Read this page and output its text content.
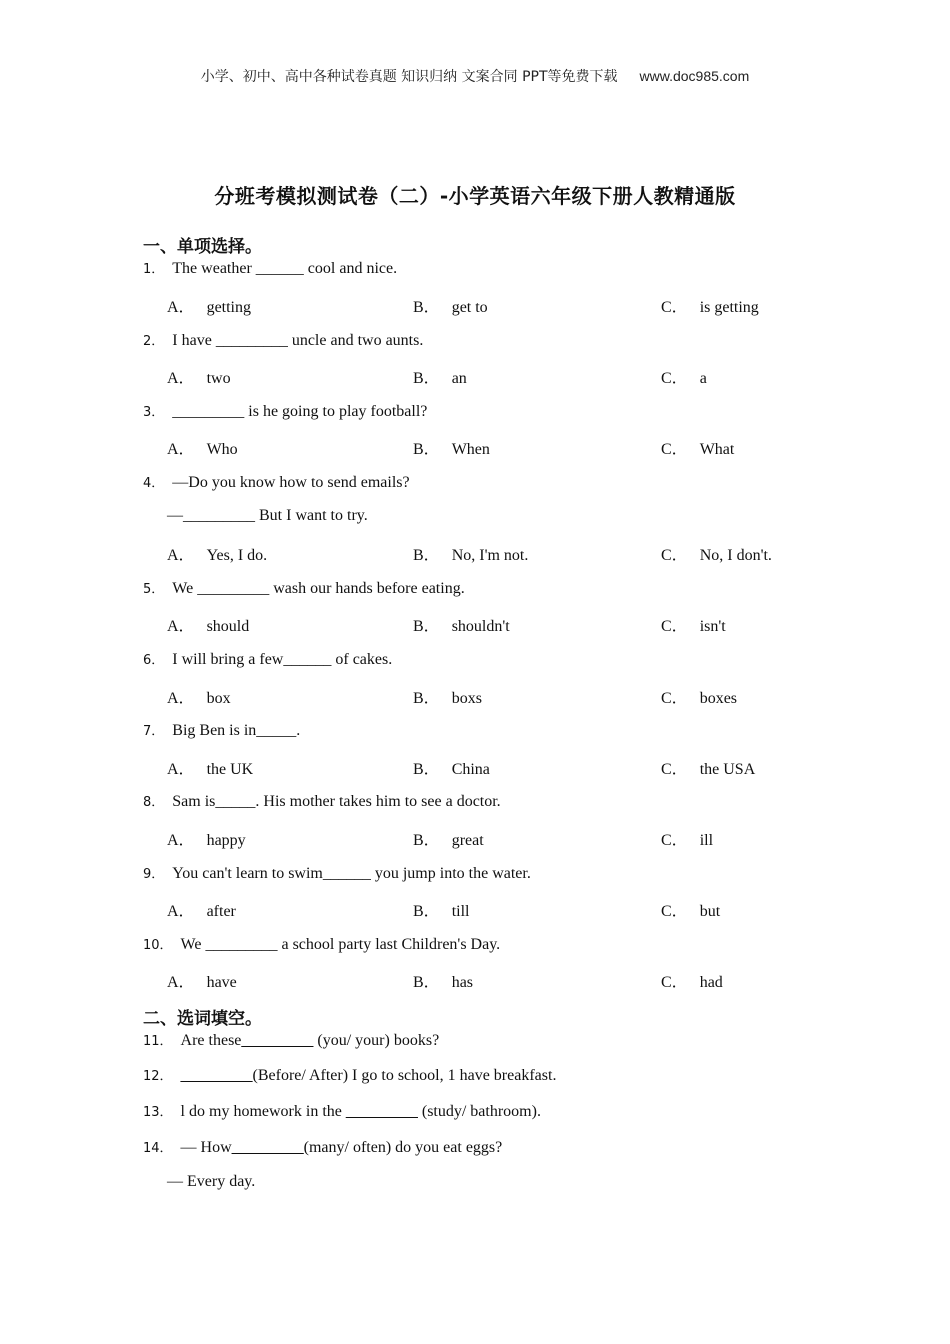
小学、初中、高中各种试卷真题 知识归纳 文案合同 PPT等免费下载 www.doc985.com
分班考模拟测试卷（二）-小学英语六年级下册人教精通版
一、单项选择。
1． The weather ______ cool and nice.
A． getting	B． get to	C． is getting
2． I have _________ uncle and two aunts.
A． two	B． an	C． a
3． _________ is he going to play football?
A． Who	B． When	C． What
4． —Do you know how to send emails?
—_________ But I want to try.
A． Yes, I do.	B． No, I'm not.	C． No, I don't.
5． We _________ wash our hands before eating.
A． should	B． shouldn't	C． isn't
6． I will bring a few______ of cakes.
A． box	B． boxs	C． boxes
7． Big Ben is in_____.
A． the UK	B． China	C． the USA
8． Sam is_____. His mother takes him to see a doctor.
A． happy	B． great	C． ill
9． You can't learn to swim______ you jump into the water.
A． after	B． till	C． but
10． We _________ a school party last Children's Day.
A． have	B． has	C． had
二、选词填空。
11． Are these_________ (you/ your) books?
12． _________(Before/ After) I go to school, 1 have breakfast.
13． l do my homework in the _________ (study/ bathroom).
14． — How_________(many/ often) do you eat eggs?
— Every day.
